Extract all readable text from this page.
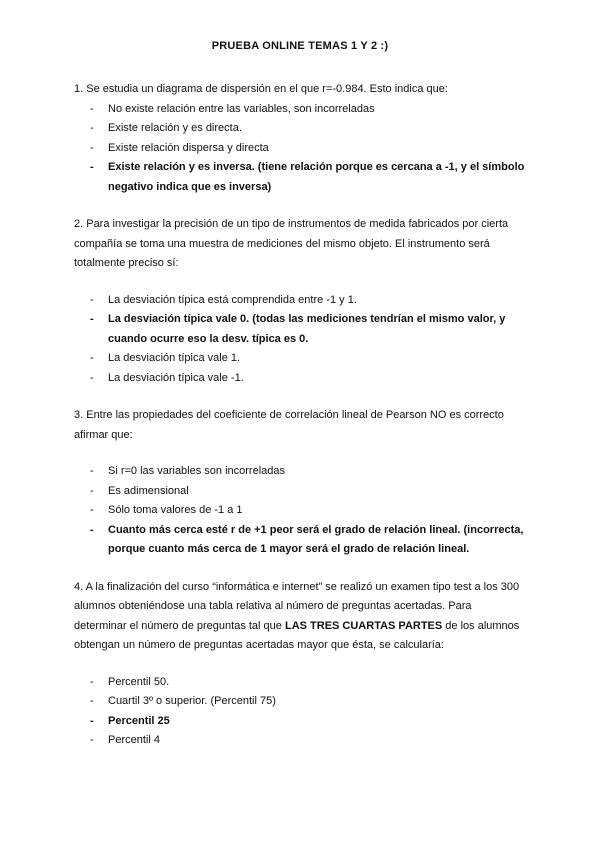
PRUEBA ONLINE TEMAS 1 Y 2 :)

1. Se estudia un diagrama de dispersión en el que r=-0.984. Esto indica que:

- No existe relación entre las variables, son incorreladas
- Existe relación y es directa.
- Existe relación dispersa y directa
- Existe relación y es inversa. (tiene relación porque es cercana a -1, y el símbolo negativo indica que es inversa)

2. Para investigar la precisión de un tipo de instrumentos de medida fabricados por cierta compañía se toma una muestra de mediciones del mismo objeto. El instrumento será totalmente preciso sí:

- La desviación típica está comprendida entre -1 y 1.
- La desviación típica vale 0. (todas las mediciones tendrían el mismo valor, y cuando ocurre eso la desv. típica es 0.
- La desviación típica vale 1.
- La desviación típica vale -1.

3. Entre las propiedades del coeficiente de correlación lineal de Pearson NO es correcto afirmar que:

- Si r=0 las variables son incorreladas
- Es adimensional
- Sólo toma valores de -1 a 1
- Cuanto más cerca esté r de +1 peor será el grado de relación lineal. (incorrecta, porque cuanto más cerca de 1 mayor será el grado de relación lineal.

4. A la finalización del curso “informática e internet” se realizó un examen tipo test a los 300 alumnos obteniéndose una tabla relativa al número de preguntas acertadas. Para determinar el número de preguntas tal que LAS TRES CUARTAS PARTES de los alumnos obtengan un número de preguntas acertadas mayor que ésta, se calcularía:

- Percentil 50.
- Cuartil 3º o superior. (Percentil 75)
- Percentil 25
- Percentil 4
